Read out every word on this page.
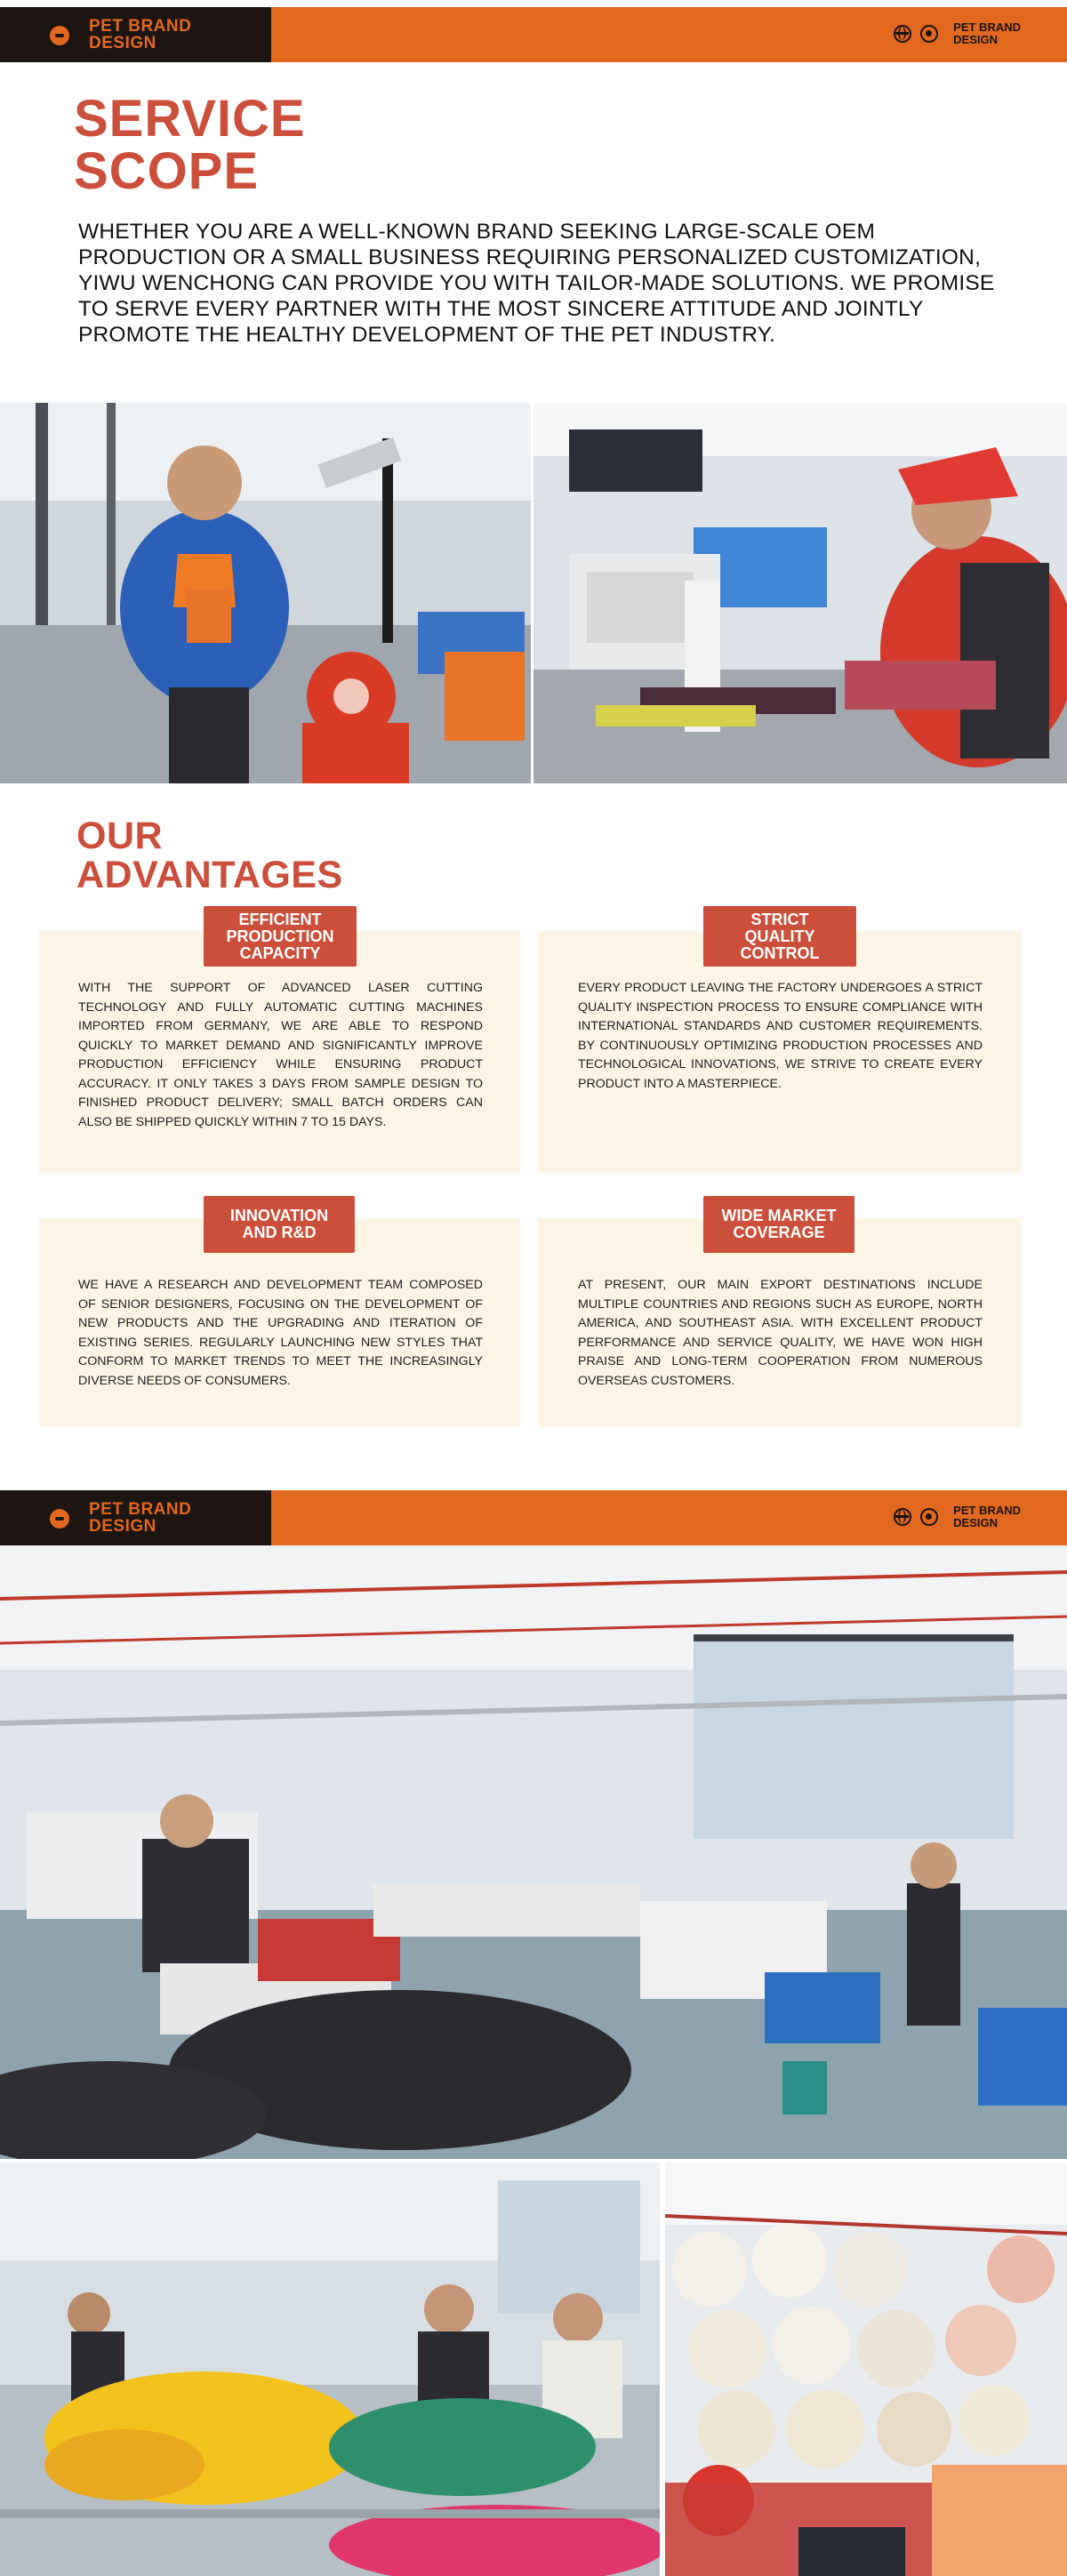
PET BRAND
DESIGN
PET BRAND
DESIGN
SERVICE
SCOPE

WHETHER YOU ARE A WELL-KNOWN BRAND SEEKING LARGE-SCALE OEM PRODUCTION OR A SMALL BUSINESS REQUIRING PERSONALIZED CUSTOMIZATION, YIWU WENCHONG CAN PROVIDE YOU WITH TAILOR-MADE SOLUTIONS. WE PROMISE TO SERVE EVERY PARTNER WITH THE MOST SINCERE ATTITUDE AND JOINTLY PROMOTE THE HEALTHY DEVELOPMENT OF THE PET INDUSTRY.

OUR
ADVANTAGES
EFFICIENT
PRODUCTION
CAPACITY

WITH THE SUPPORT OF ADVANCED LASER CUTTING TECHNOLOGY AND FULLY AUTOMATIC CUTTING MACHINES IMPORTED FROM GERMANY, WE ARE ABLE TO RESPOND QUICKLY TO MARKET DEMAND AND SIGNIFICANTLY IMPROVE PRODUCTION EFFICIENCY WHILE ENSURING PRODUCT ACCURACY. IT ONLY TAKES 3 DAYS FROM SAMPLE DESIGN TO FINISHED PRODUCT DELIVERY; SMALL BATCH ORDERS CAN ALSO BE SHIPPED QUICKLY WITHIN 7 TO 15 DAYS.

STRICT
QUALITY
CONTROL

EVERY PRODUCT LEAVING THE FACTORY UNDERGOES A STRICT QUALITY INSPECTION PROCESS TO ENSURE COMPLIANCE WITH INTERNATIONAL STANDARDS AND CUSTOMER REQUIREMENTS. BY CONTINUOUSLY OPTIMIZING PRODUCTION PROCESSES AND TECHNOLOGICAL INNOVATIONS, WE STRIVE TO CREATE EVERY PRODUCT INTO A MASTERPIECE.

INNOVATION
AND R&D

WE HAVE A RESEARCH AND DEVELOPMENT TEAM COMPOSED OF SENIOR DESIGNERS, FOCUSING ON THE DEVELOPMENT OF NEW PRODUCTS AND THE UPGRADING AND ITERATION OF EXISTING SERIES. REGULARLY LAUNCHING NEW STYLES THAT CONFORM TO MARKET TRENDS TO MEET THE INCREASINGLY DIVERSE NEEDS OF CONSUMERS.

WIDE MARKET
COVERAGE

AT PRESENT, OUR MAIN EXPORT DESTINATIONS INCLUDE MULTIPLE COUNTRIES AND REGIONS SUCH AS EUROPE, NORTH AMERICA, AND SOUTHEAST ASIA. WITH EXCELLENT PRODUCT PERFORMANCE AND SERVICE QUALITY, WE HAVE WON HIGH PRAISE AND LONG-TERM COOPERATION FROM NUMEROUS OVERSEAS CUSTOMERS.

PET BRAND
DESIGN
PET BRAND
DESIGN
